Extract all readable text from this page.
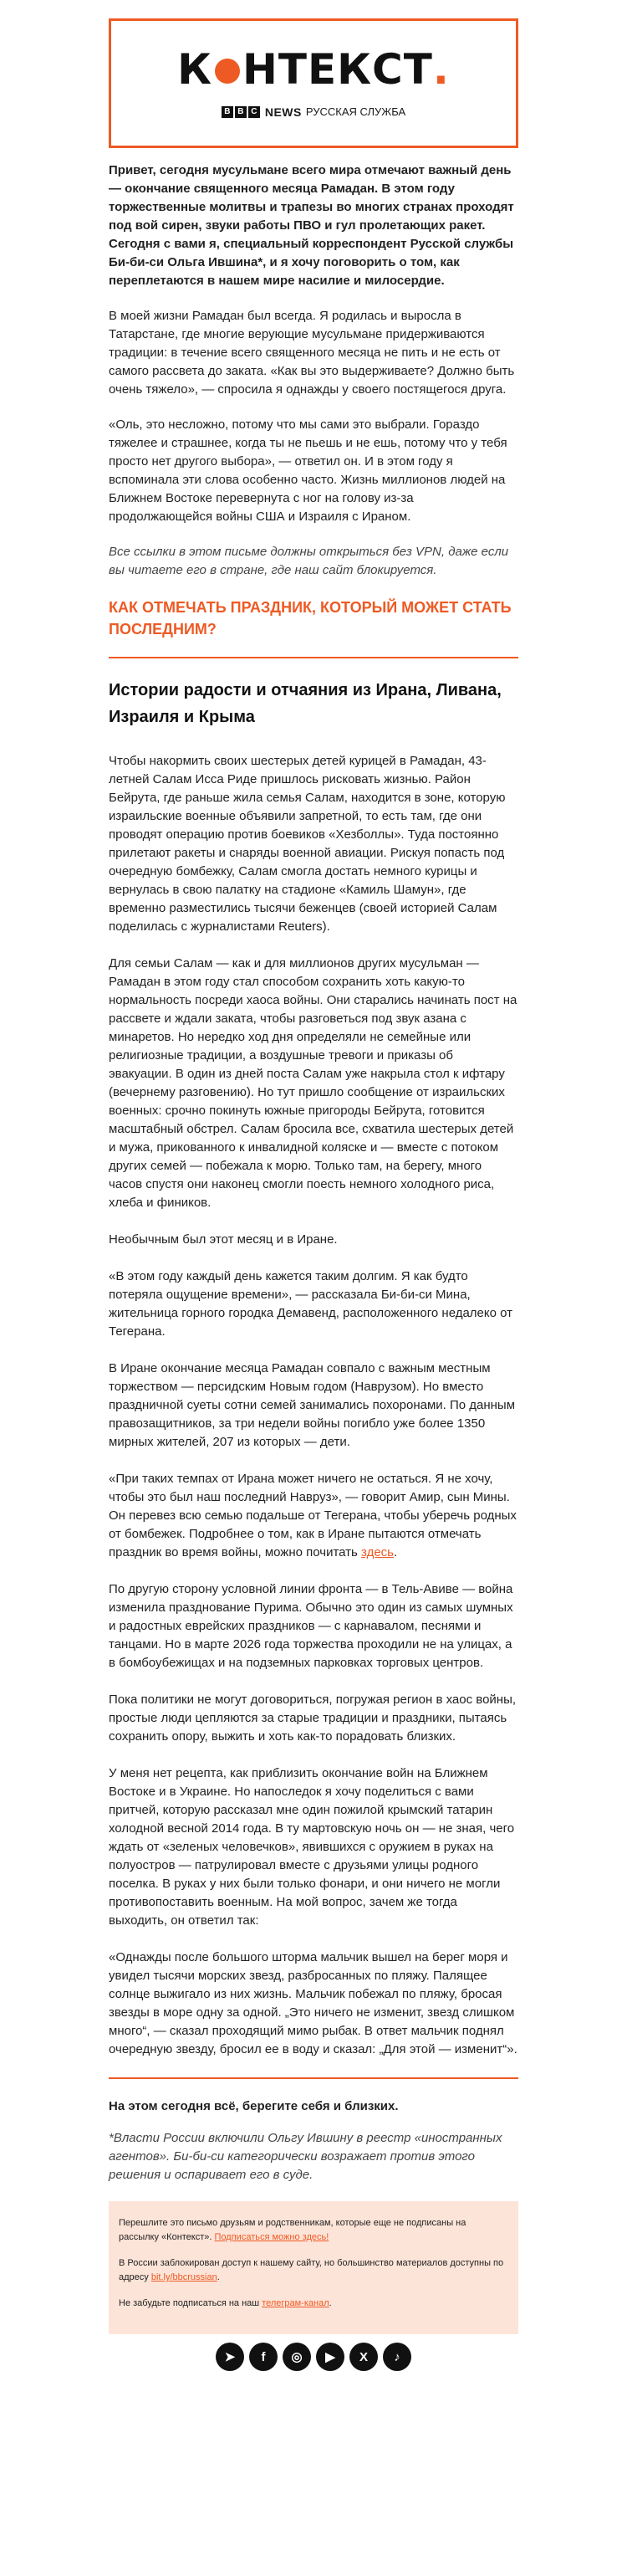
К НТЕКСТ .
B B C NEWS РУССКАЯ СЛУЖБА

Привет, сегодня мусульмане всего мира отмечают важный день — окончание священного месяца Рамадан. В этом году торжественные молитвы и трапезы во многих странах проходят под вой сирен, звуки работы ПВО и гул пролетающих ракет. Сегодня с вами я, специальный корреспондент Русской службы Би-би-си Ольга Ившина*, и я хочу поговорить о том, как переплетаются в нашем мире насилие и милосердие.

В моей жизни Рамадан был всегда. Я родилась и выросла в Татарстане, где многие верующие мусульмане придерживаются традиции: в течение всего священного месяца не пить и не есть от самого рассвета до заката. «Как вы это выдерживаете? Должно быть очень тяжело», — спросила я однажды у своего постящегося друга.

«Оль, это несложно, потому что мы сами это выбрали. Гораздо тяжелее и страшнее, когда ты не пьешь и не ешь, потому что у тебя просто нет другого выбора», — ответил он. И в этом году я вспоминала эти слова особенно часто. Жизнь миллионов людей на Ближнем Востоке перевернута с ног на голову из-за продолжающейся войны США и Израиля с Ираном.

Все ссылки в этом письме должны открыться без VPN, даже если вы читаете его в стране, где наш сайт блокируется.

КАК ОТМЕЧАТЬ ПРАЗДНИК, КОТОРЫЙ МОЖЕТ СТАТЬ ПОСЛЕДНИМ?
Истории радости и отчаяния из Ирана, Ливана, Израиля и Крыма

Чтобы накормить своих шестерых детей курицей в Рамадан, 43-летней Салам Исса Риде пришлось рисковать жизнью. Район Бейрута, где раньше жила семья Салам, находится в зоне, которую израильские военные объявили запретной, то есть там, где они проводят операцию против боевиков «Хезболлы». Туда постоянно прилетают ракеты и снаряды военной авиации. Рискуя попасть под очередную бомбежку, Салам смогла достать немного курицы и вернулась в свою палатку на стадионе «Камиль Шамун», где временно разместились тысячи беженцев (своей историей Салам поделилась с журналистами Reuters).

Для семьи Салам — как и для миллионов других мусульман — Рамадан в этом году стал способом сохранить хоть какую-то нормальность посреди хаоса войны. Они старались начинать пост на рассвете и ждали заката, чтобы разговеться под звук азана с минаретов. Но нередко ход дня определяли не семейные или религиозные традиции, а воздушные тревоги и приказы об эвакуации. В один из дней поста Салам уже накрыла стол к ифтару (вечернему разговению). Но тут пришло сообщение от израильских военных: срочно покинуть южные пригороды Бейрута, готовится масштабный обстрел. Салам бросила все, схватила шестерых детей и мужа, прикованного к инвалидной коляске и — вместе с потоком других семей — побежала к морю. Только там, на берегу, много часов спустя они наконец смогли поесть немного холодного риса, хлеба и фиников.

Необычным был этот месяц и в Иране.

«В этом году каждый день кажется таким долгим. Я как будто потеряла ощущение времени», — рассказала Би-би-си Мина, жительница горного городка Демавенд, расположенного недалеко от Тегерана.

В Иране окончание месяца Рамадан совпало с важным местным торжеством — персидским Новым годом (Наврузом). Но вместо праздничной суеты сотни семей занимались похоронами. По данным правозащитников, за три недели войны погибло уже более 1350 мирных жителей, 207 из которых — дети.

«При таких темпах от Ирана может ничего не остаться. Я не хочу, чтобы это был наш последний Навруз», — говорит Амир, сын Мины. Он перевез всю семью подальше от Тегерана, чтобы уберечь родных от бомбежек. Подробнее о том, как в Иране пытаются отмечать праздник во время войны, можно почитать здесь.

По другую сторону условной линии фронта — в Тель-Авиве — война изменила празднование Пурима. Обычно это один из самых шумных и радостных еврейских праздников — с карнавалом, песнями и танцами. Но в марте 2026 года торжества проходили не на улицах, а в бомбоубежищах и на подземных парковках торговых центров.

Пока политики не могут договориться, погружая регион в хаос войны, простые люди цепляются за старые традиции и праздники, пытаясь сохранить опору, выжить и хоть как-то порадовать близких.

У меня нет рецепта, как приблизить окончание войн на Ближнем Востоке и в Украине. Но напоследок я хочу поделиться с вами притчей, которую рассказал мне один пожилой крымский татарин холодной весной 2014 года. В ту мартовскую ночь он — не зная, чего ждать от «зеленых человечков», явившихся с оружием в руках на полуостров — патрулировал вместе с друзьями улицы родного поселка. В руках у них были только фонари, и они ничего не могли противопоставить военным. На мой вопрос, зачем же тогда выходить, он ответил так:

«Однажды после большого шторма мальчик вышел на берег моря и увидел тысячи морских звезд, разбросанных по пляжу. Палящее солнце выжигало из них жизнь. Мальчик побежал по пляжу, бросая звезды в море одну за одной. „Это ничего не изменит, звезд слишком много“, — сказал проходящий мимо рыбак. В ответ мальчик поднял очередную звезду, бросил ее в воду и сказал: „Для этой — изменит“».

На этом сегодня всё, берегите себя и близких.

*Власти России включили Ольгу Ившину в реестр «иностранных агентов». Би-би-си категорически возражает против этого решения и оспаривает его в суде.

Перешлите это письмо друзьям и родственникам, которые еще не подписаны на рассылку «Контекст». Подписаться можно здесь!

В России заблокирован доступ к нашему сайту, но большинство материалов доступны по адресу bit.ly/bbcrussian.

Не забудьте подписаться на наш телеграм-канал.

➤	f	◎	▶	X	♪
